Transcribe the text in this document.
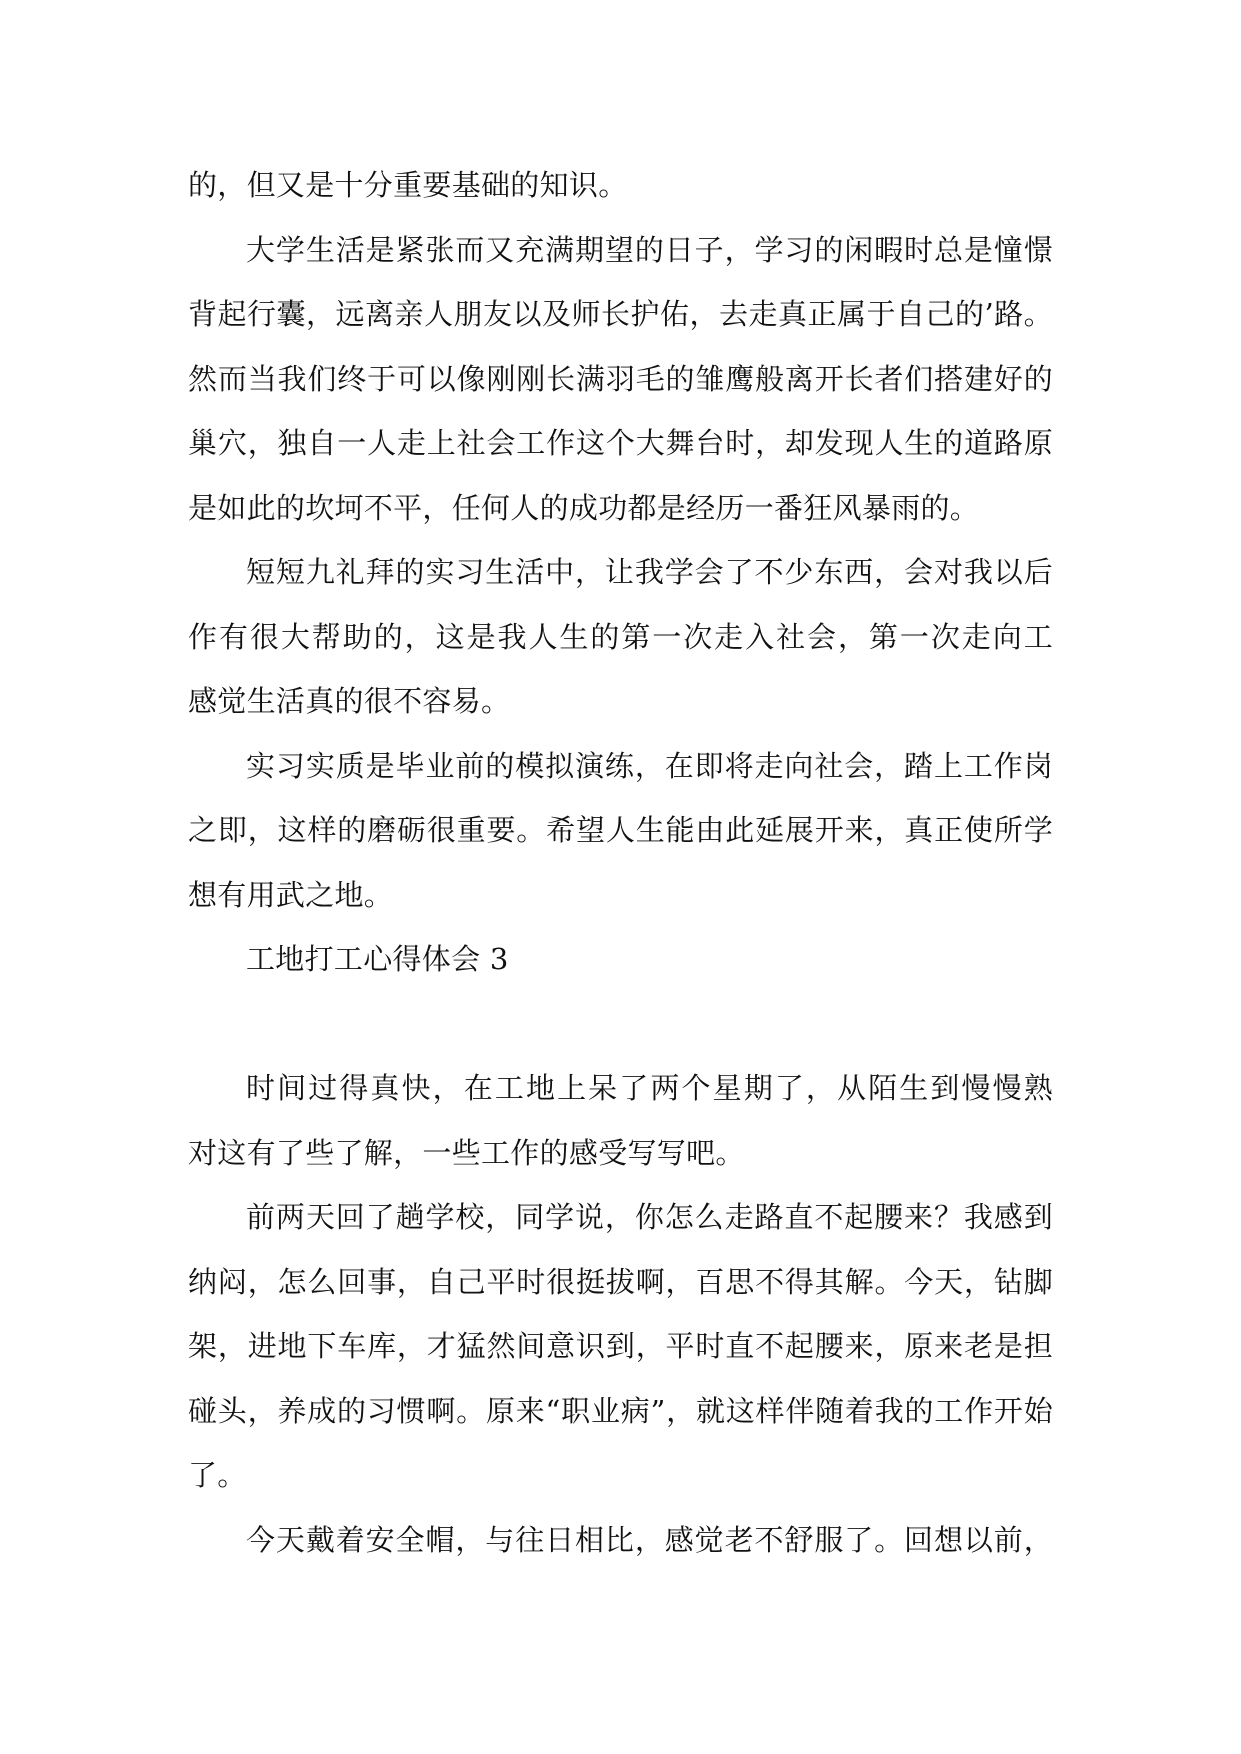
的，但又是十分重要基础的知识。
大学生活是紧张而又充满期望的日子，学习的闲暇时总是憧憬
背起行囊，远离亲人朋友以及师长护佑，去走真正属于自己的’路。
然而当我们终于可以像刚刚长满羽毛的雏鹰般离开长者们搭建好的
巢穴，独自一人走上社会工作这个大舞台时，却发现人生的道路原
是如此的坎坷不平，任何人的成功都是经历一番狂风暴雨的。
短短九礼拜的实习生活中，让我学会了不少东西，会对我以后
作有很大帮助的，这是我人生的第一次走入社会，第一次走向工
感觉生活真的很不容易。
实习实质是毕业前的模拟演练，在即将走向社会，踏上工作岗
之即，这样的磨砺很重要。希望人生能由此延展开来，真正使所学
想有用武之地。
工地打工心得体会 3
时间过得真快，在工地上呆了两个星期了，从陌生到慢慢熟
对这有了些了解，一些工作的感受写写吧。
前两天回了趟学校，同学说，你怎么走路直不起腰来？我感到
纳闷，怎么回事，自己平时很挺拔啊，百思不得其解。今天，钻脚
架，进地下车库，才猛然间意识到，平时直不起腰来，原来老是担
碰头，养成的习惯啊。原来“职业病”，就这样伴随着我的工作开始
了。
今天戴着安全帽，与往日相比，感觉老不舒服了。回想以前，
